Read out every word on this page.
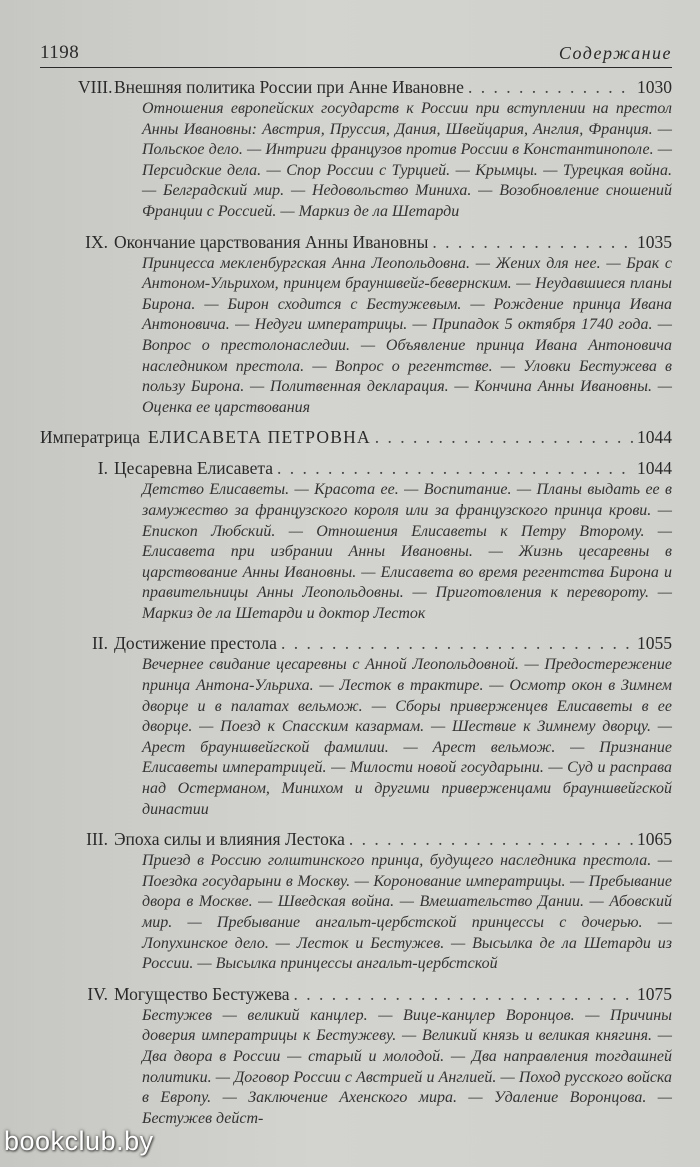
1198	Содержание
VIII. Внешняя политика России при Анне Ивановне . . .	1030
Отношения европейских государств к России при вступлении на престол Анны Ивановны: Австрия, Пруссия, Дания, Швейцария, Англия, Франция. — Польское дело. — Интриги французов против России в Константинополе. — Персидские дела. — Спор России с Турцией. — Крымцы. — Турецкая война. — Белградский мир. — Недовольство Миниха. — Возобновление сношений Франции с Россией. — Маркиз де ла Шетарди
IX. Окончание царствования Анны Ивановны . . .	1035
Принцесса мекленбургская Анна Леопольдовна. — Жених для нее. — Брак с Антоном-Ульрихом, принцем брауншвейг-бевернским. — Неудавшиеся планы Бирона. — Бирон сходится с Бестужевым. — Рождение принца Ивана Антоновича. — Недуги императрицы. — Припадок 5 октября 1740 года. — Вопрос о престолонаследии. — Объявление принца Ивана Антоновича наследником престола. — Вопрос о регентстве. — Уловки Бестужева в пользу Бирона. — Политвенная декларация. — Кончина Анны Ивановны. — Оценка ее царствования
Императрица ЕЛИСАВЕТА ПЕТРОВНА . . .	1044
I. Цесаревна Елисавета . . .	1044
Детство Елисаветы. — Красота ее. — Воспитание. — Планы выдать ее в замужество за французского короля или за французского принца крови. — Епископ Любский. — Отношения Елисаветы к Петру Второму. — Елисавета при избрании Анны Ивановны. — Жизнь цесаревны в царствование Анны Ивановны. — Елисавета во время регентства Бирона и правительницы Анны Леопольдовны. — Приготовления к перевороту. — Маркиз де ла Шетарди и доктор Лесток
II. Достижение престола . . .	1055
Вечернее свидание цесаревны с Анной Леопольдовной. — Предостережение принца Антона-Ульриха. — Лесток в трактире. — Осмотр окон в Зимнем дворце и в палатах вельмож. — Сборы приверженцев Елисаветы в ее дворце. — Поезд к Спасским казармам. — Шествие к Зимнему дворцу. — Арест брауншвейгской фамилии. — Арест вельмож. — Признание Елисаветы императрицей. — Милости новой государыни. — Суд и расправа над Остерманом, Минихом и другими приверженцами брауншвейгской династии
III. Эпоха силы и влияния Лестока . . .	1065
Приезд в Россию голштинского принца, будущего наследника престола. — Поездка государыни в Москву. — Коронование императрицы. — Пребывание двора в Москве. — Шведская война. — Вмешательство Дании. — Абовский мир. — Пребывание ангальт-цербстской принцессы с дочерью. — Лопухинское дело. — Лесток и Бестужев. — Высылка де ла Шетарди из России. — Высылка принцессы ангальт-цербстской
IV. Могущество Бестужева . . .	1075
Бестужев — великий канцлер. — Вице-канцлер Воронцов. — Причины доверия императрицы к Бестужеву. — Великий князь и великая княгиня. — Два двора в России — старый и молодой. — Два направления тогдашней политики. — Договор России с Австрией и Англией. — Поход русского войска в Европу. — Заключение Ахенского мира. — Удаление Воронцова. — Бестужев дейст-
bookclub.by
